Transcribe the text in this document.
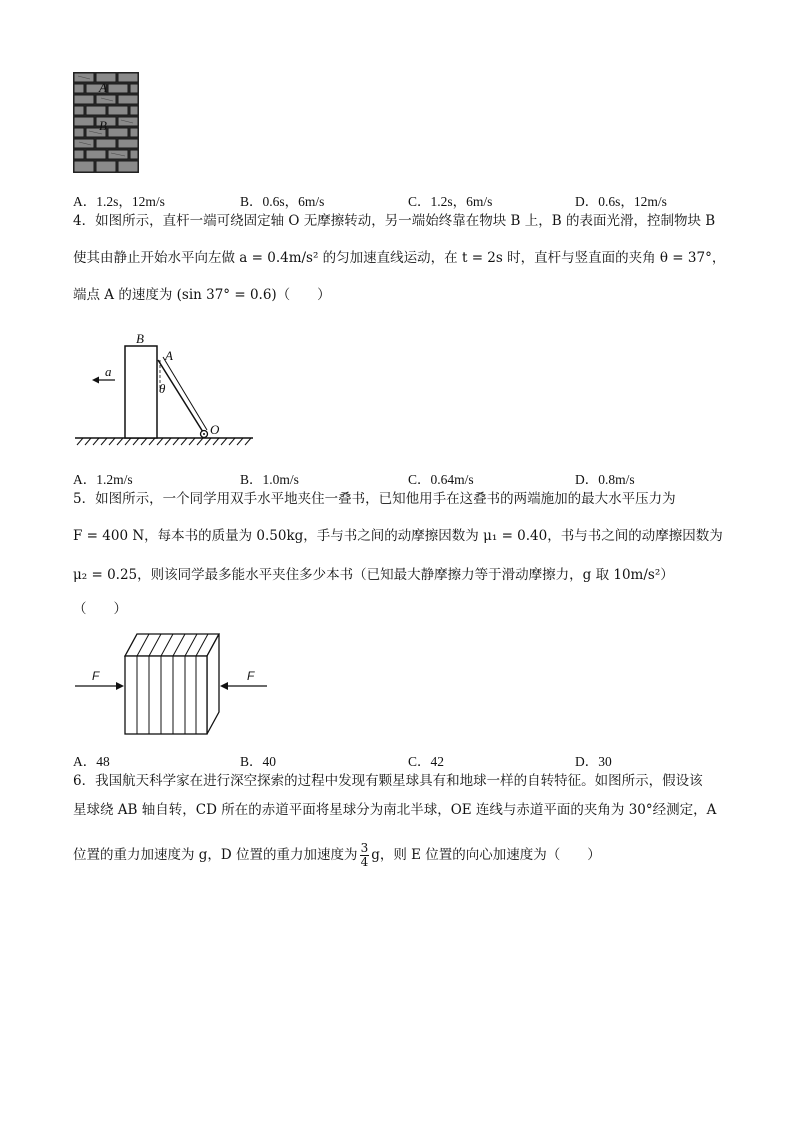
A
B
A．1.2s，12m/s	B．0.6s，6m/s	C．1.2s，6m/s	D．0.6s，12m/s
4．如图所示，直杆一端可绕固定轴 O 无摩擦转动，另一端始终靠在物块 B 上，B 的表面光滑，控制物块 B
使其由静止开始水平向左做 a = 0.4m/s² 的匀加速直线运动，在 t = 2s 时，直杆与竖直面的夹角 θ = 37°，
端点 A 的速度为 (sin 37° = 0.6)（　　）
B
A
θ
O
a
A．1.2m/s	B．1.0m/s	C．0.64m/s	D．0.8m/s
5．如图所示，一个同学用双手水平地夹住一叠书，已知他用手在这叠书的两端施加的最大水平压力为
F = 400 N，每本书的质量为 0.50kg，手与书之间的动摩擦因数为 μ₁ = 0.40，书与书之间的动摩擦因数为
μ₂ = 0.25，则该同学最多能水平夹住多少本书（已知最大静摩擦力等于滑动摩擦力，g 取 10m/s²）
（　　）
F	F
A．48	B．40	C．42	D．30
6．我国航天科学家在进行深空探索的过程中发现有颗星球具有和地球一样的自转特征。如图所示，假设该
星球绕 AB 轴自转，CD 所在的赤道平面将星球分为南北半球，OE 连线与赤道平面的夹角为 30°经测定，A
位置的重力加速度为 g，D 位置的重力加速度为 $\frac{3}{4}$ g，则 E 位置的向心加速度为（　　）
